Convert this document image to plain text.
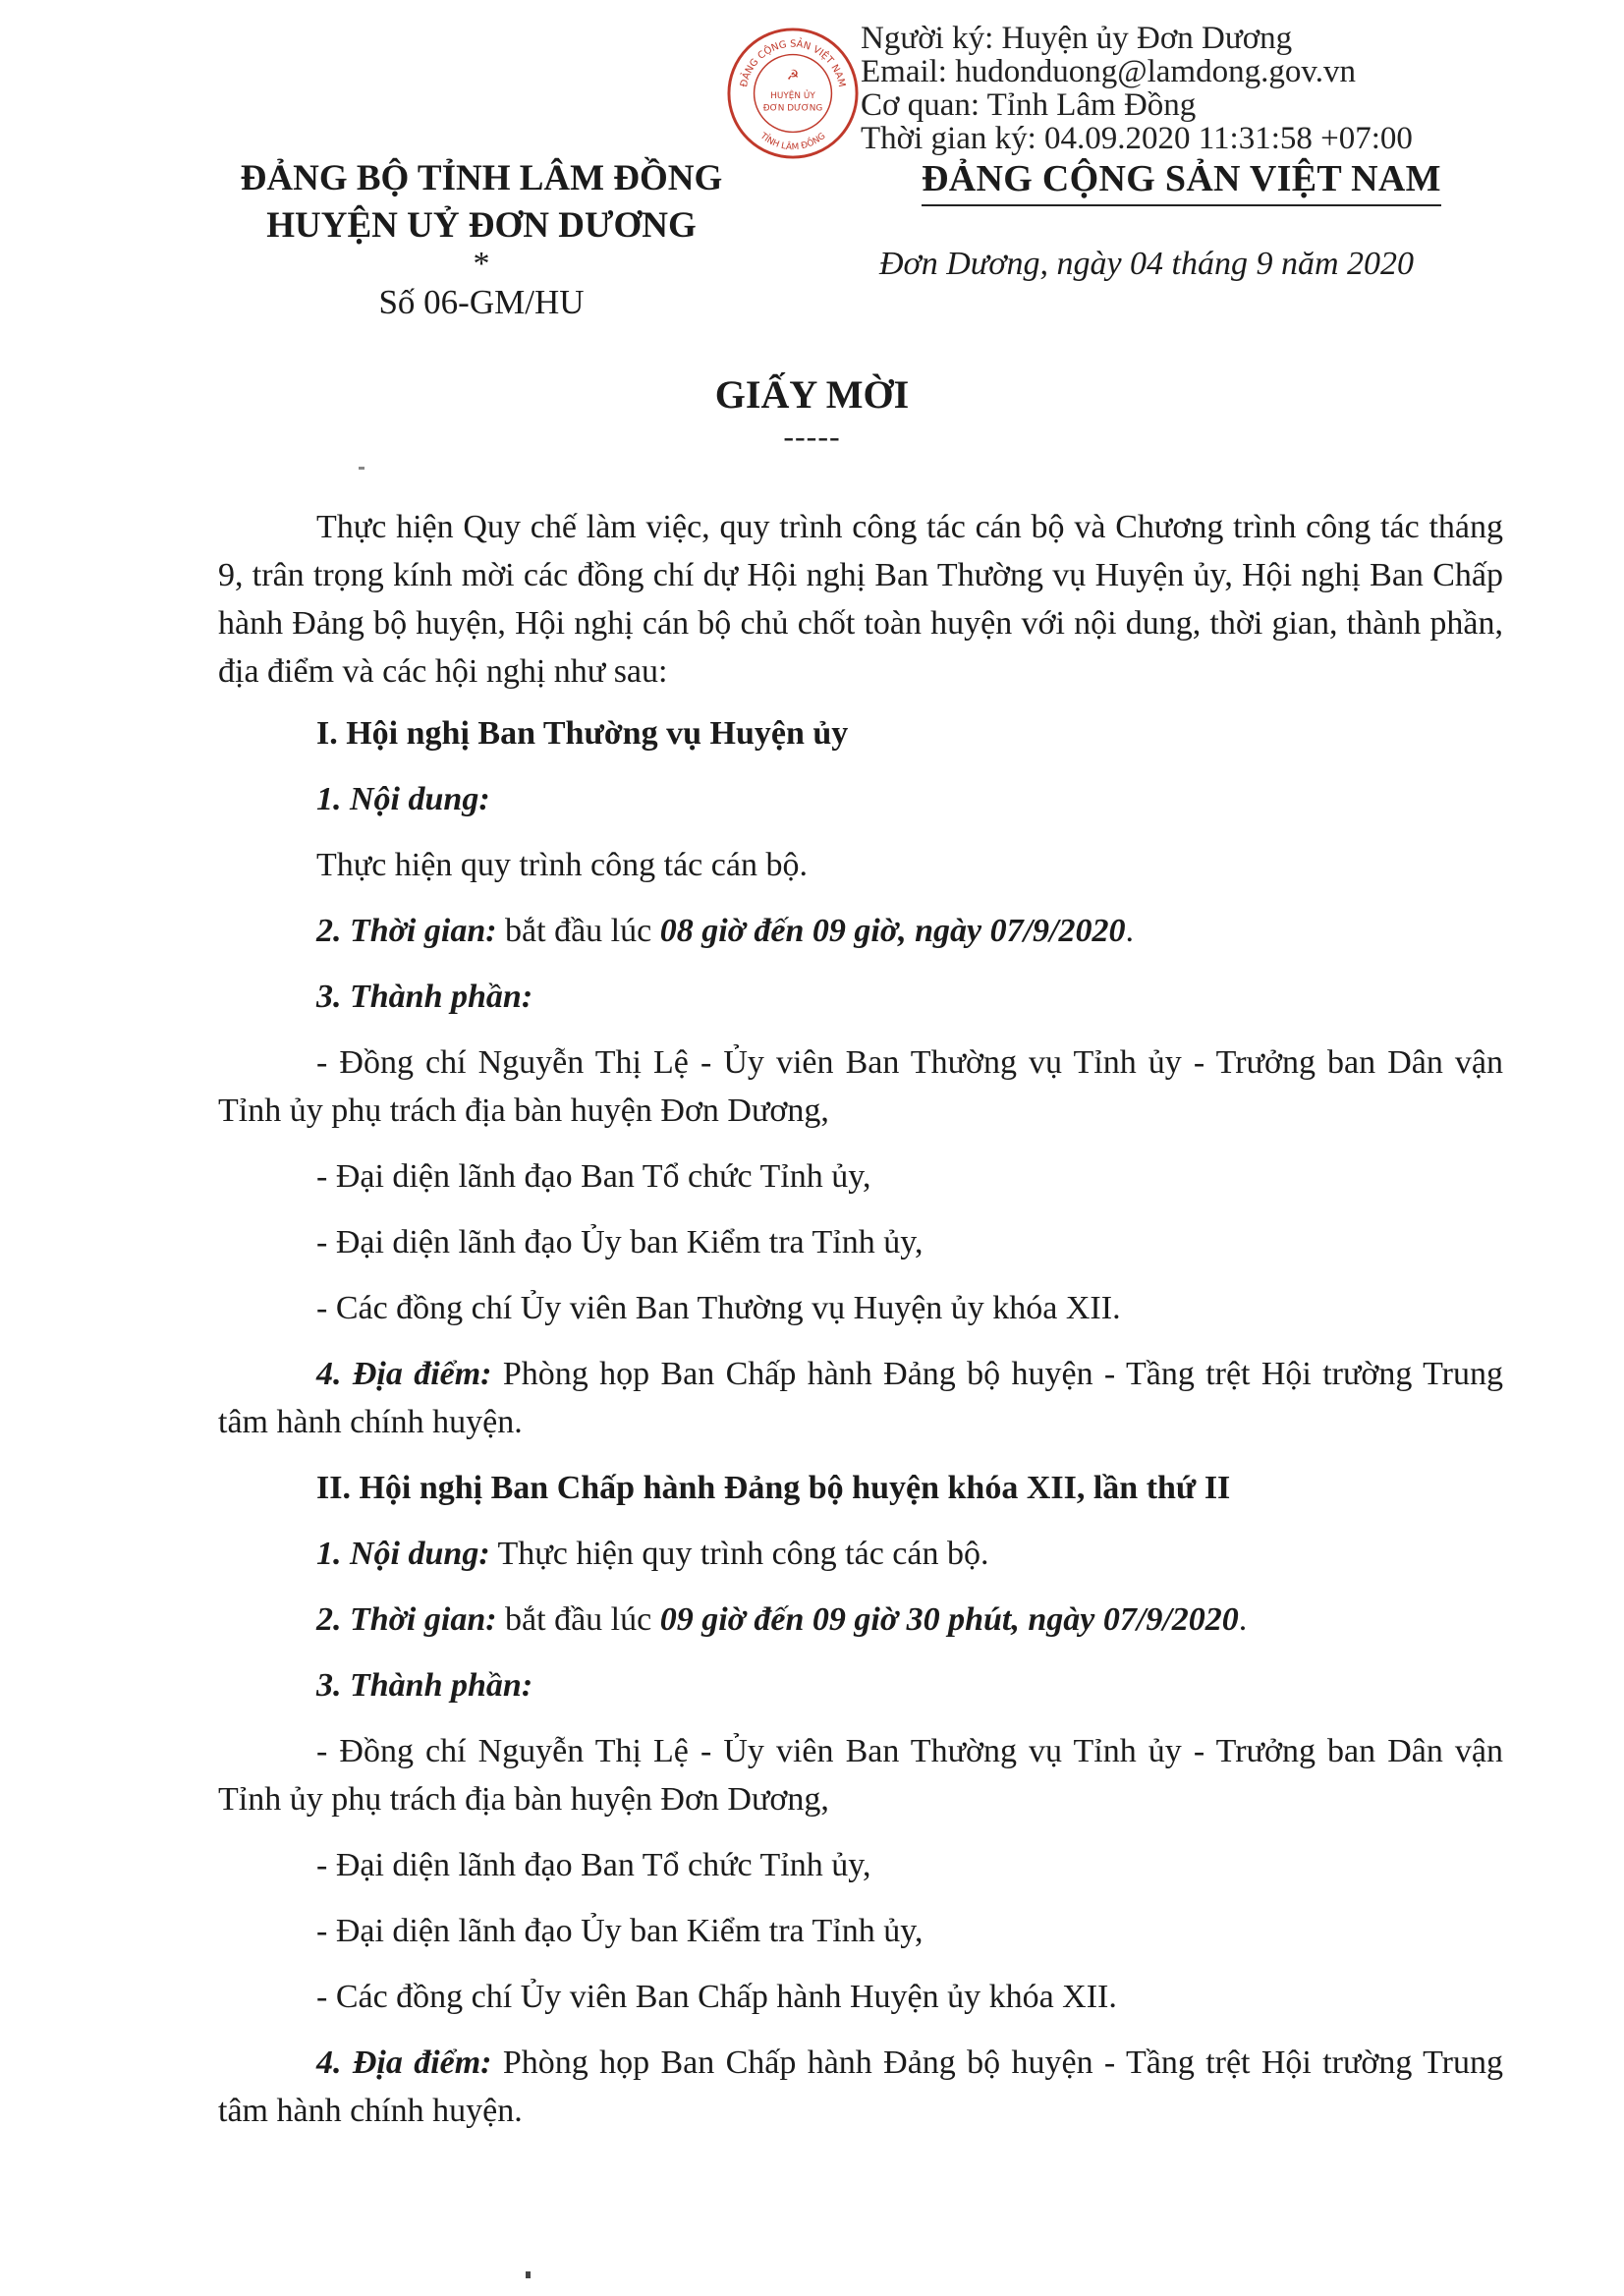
ĐẢNG CỘNG SẢN VIỆT NAM
TỈNH LÂM ĐỒNG
☭
HUYỆN ỦY
ĐƠN DƯƠNG
Người ký: Huyện ủy Đơn Dương
Email: hudonduong@lamdong.gov.vn
Cơ quan: Tỉnh Lâm Đồng
Thời gian ký: 04.09.2020 11:31:58 +07:00
ĐẢNG BỘ TỈNH LÂM ĐỒNG
HUYỆN UỶ ĐƠN DƯƠNG
*
Số 06-GM/HU
ĐẢNG CỘNG SẢN VIỆT NAM
Đơn Dương, ngày 04 tháng 9 năm 2020
GIẤY MỜI
-----

Thực hiện Quy chế làm việc, quy trình công tác cán bộ và Chương trình công tác tháng 9, trân trọng kính mời các đồng chí dự Hội nghị Ban Thường vụ Huyện ủy, Hội nghị Ban Chấp hành Đảng bộ huyện, Hội nghị cán bộ chủ chốt toàn huyện với nội dung, thời gian, thành phần, địa điểm và các hội nghị như sau:

I. Hội nghị Ban Thường vụ Huyện ủy

1. Nội dung:

Thực hiện quy trình công tác cán bộ.

2. Thời gian: bắt đầu lúc 08 giờ đến 09 giờ, ngày 07/9/2020.

3. Thành phần:

- Đồng chí Nguyễn Thị Lệ - Ủy viên Ban Thường vụ Tỉnh ủy - Trưởng ban Dân vận Tỉnh ủy phụ trách địa bàn huyện Đơn Dương,

- Đại diện lãnh đạo Ban Tổ chức Tỉnh ủy,

- Đại diện lãnh đạo Ủy ban Kiểm tra Tỉnh ủy,

- Các đồng chí Ủy viên Ban Thường vụ Huyện ủy khóa XII.

4. Địa điểm: Phòng họp Ban Chấp hành Đảng bộ huyện - Tầng trệt Hội trường Trung tâm hành chính huyện.

II. Hội nghị Ban Chấp hành Đảng bộ huyện khóa XII, lần thứ II

1. Nội dung: Thực hiện quy trình công tác cán bộ.

2. Thời gian: bắt đầu lúc 09 giờ đến 09 giờ 30 phút, ngày 07/9/2020.

3. Thành phần:

- Đồng chí Nguyễn Thị Lệ - Ủy viên Ban Thường vụ Tỉnh ủy - Trưởng ban Dân vận Tỉnh ủy phụ trách địa bàn huyện Đơn Dương,

- Đại diện lãnh đạo Ban Tổ chức Tỉnh ủy,

- Đại diện lãnh đạo Ủy ban Kiểm tra Tỉnh ủy,

- Các đồng chí Ủy viên Ban Chấp hành Huyện ủy khóa XII.

4. Địa điểm: Phòng họp Ban Chấp hành Đảng bộ huyện - Tầng trệt Hội trường Trung tâm hành chính huyện.
